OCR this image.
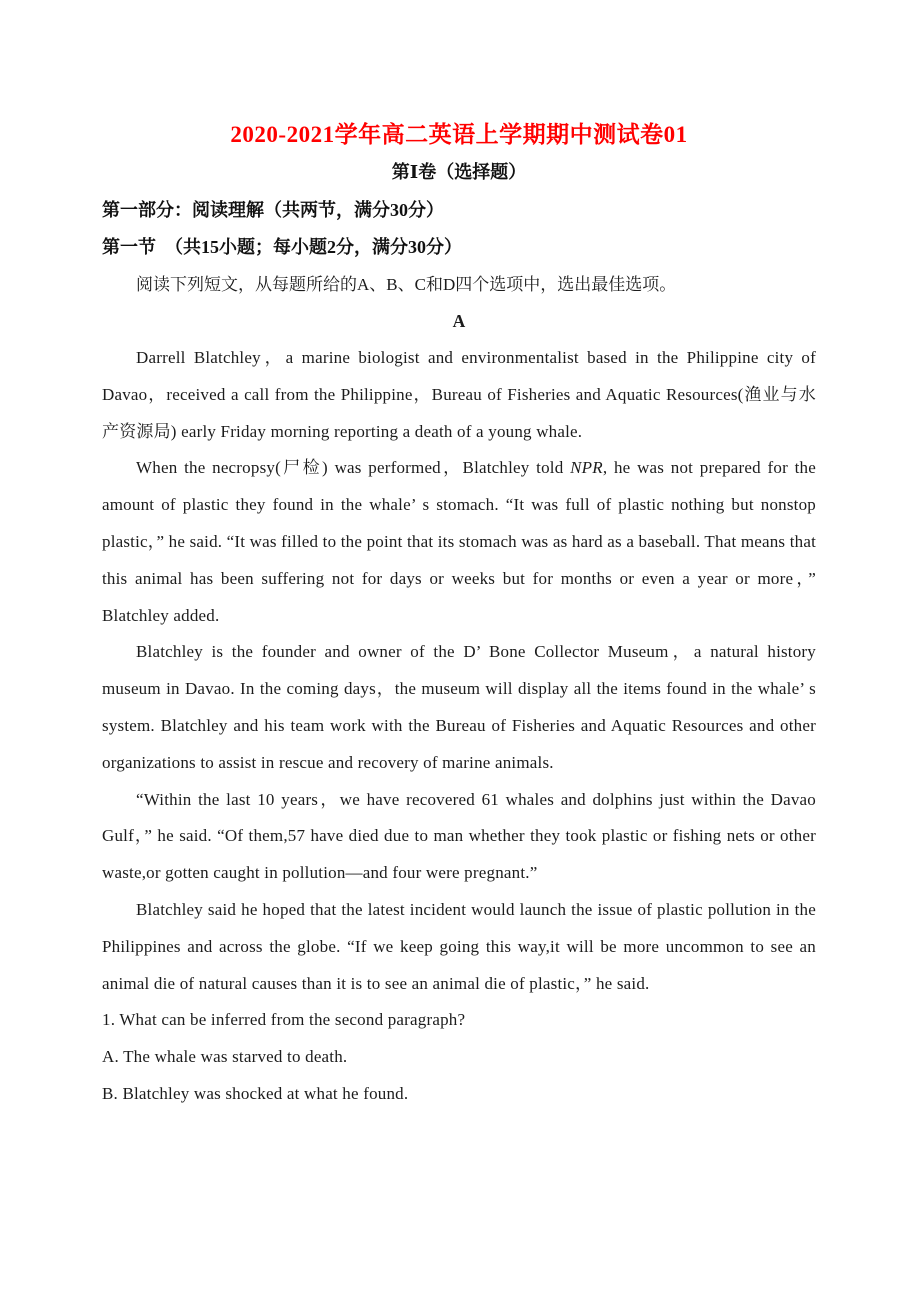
2020-2021学年高二英语上学期期中测试卷01
第Ⅰ卷（选择题）

第一部分：阅读理解（共两节，满分30分）

第一节　（共15小题；每小题2分，满分30分）

阅读下列短文，从每题所给的A、B、C和D四个选项中，选出最佳选项。

A

Darrell Blatchley，a marine biologist and environmentalist based in the Philippine city of Davao，received a call from the Philippine，Bureau of Fisheries and Aquatic Resources(渔业与水产资源局) early Friday morning reporting a death of a young whale.

When the necropsy(尸检) was performed，Blatchley told NPR, he was not prepared for the amount of plastic they found in the whale’ s stomach. “It was full of plastic nothing but nonstop plastic，” he said. “It was filled to the point that its stomach was as hard as a baseball. That means that this animal has been suffering not for days or weeks but for months or even a year or more，” Blatchley added.

Blatchley is the founder and owner of the D’ Bone Collector Museum，a natural history museum in Davao. In the coming days，the museum will display all the items found in the whale’ s system. Blatchley and his team work with the Bureau of Fisheries and Aquatic Resources and other organizations to assist in rescue and recovery of marine animals.

“Within the last 10 years，we have recovered 61 whales and dolphins just within the Davao Gulf，” he said. “Of them,57 have died due to man whether they took plastic or fishing nets or other waste,or gotten caught in pollution—and four were pregnant.”

Blatchley said he hoped that the latest incident would launch the issue of plastic pollution in the Philippines and across the globe. “If we keep going this way,it will be more uncommon to see an animal die of natural causes than it is to see an animal die of plastic，” he said.

1. What can be inferred from the second paragraph?

A. The whale was starved to death.

B. Blatchley was shocked at what he found.
